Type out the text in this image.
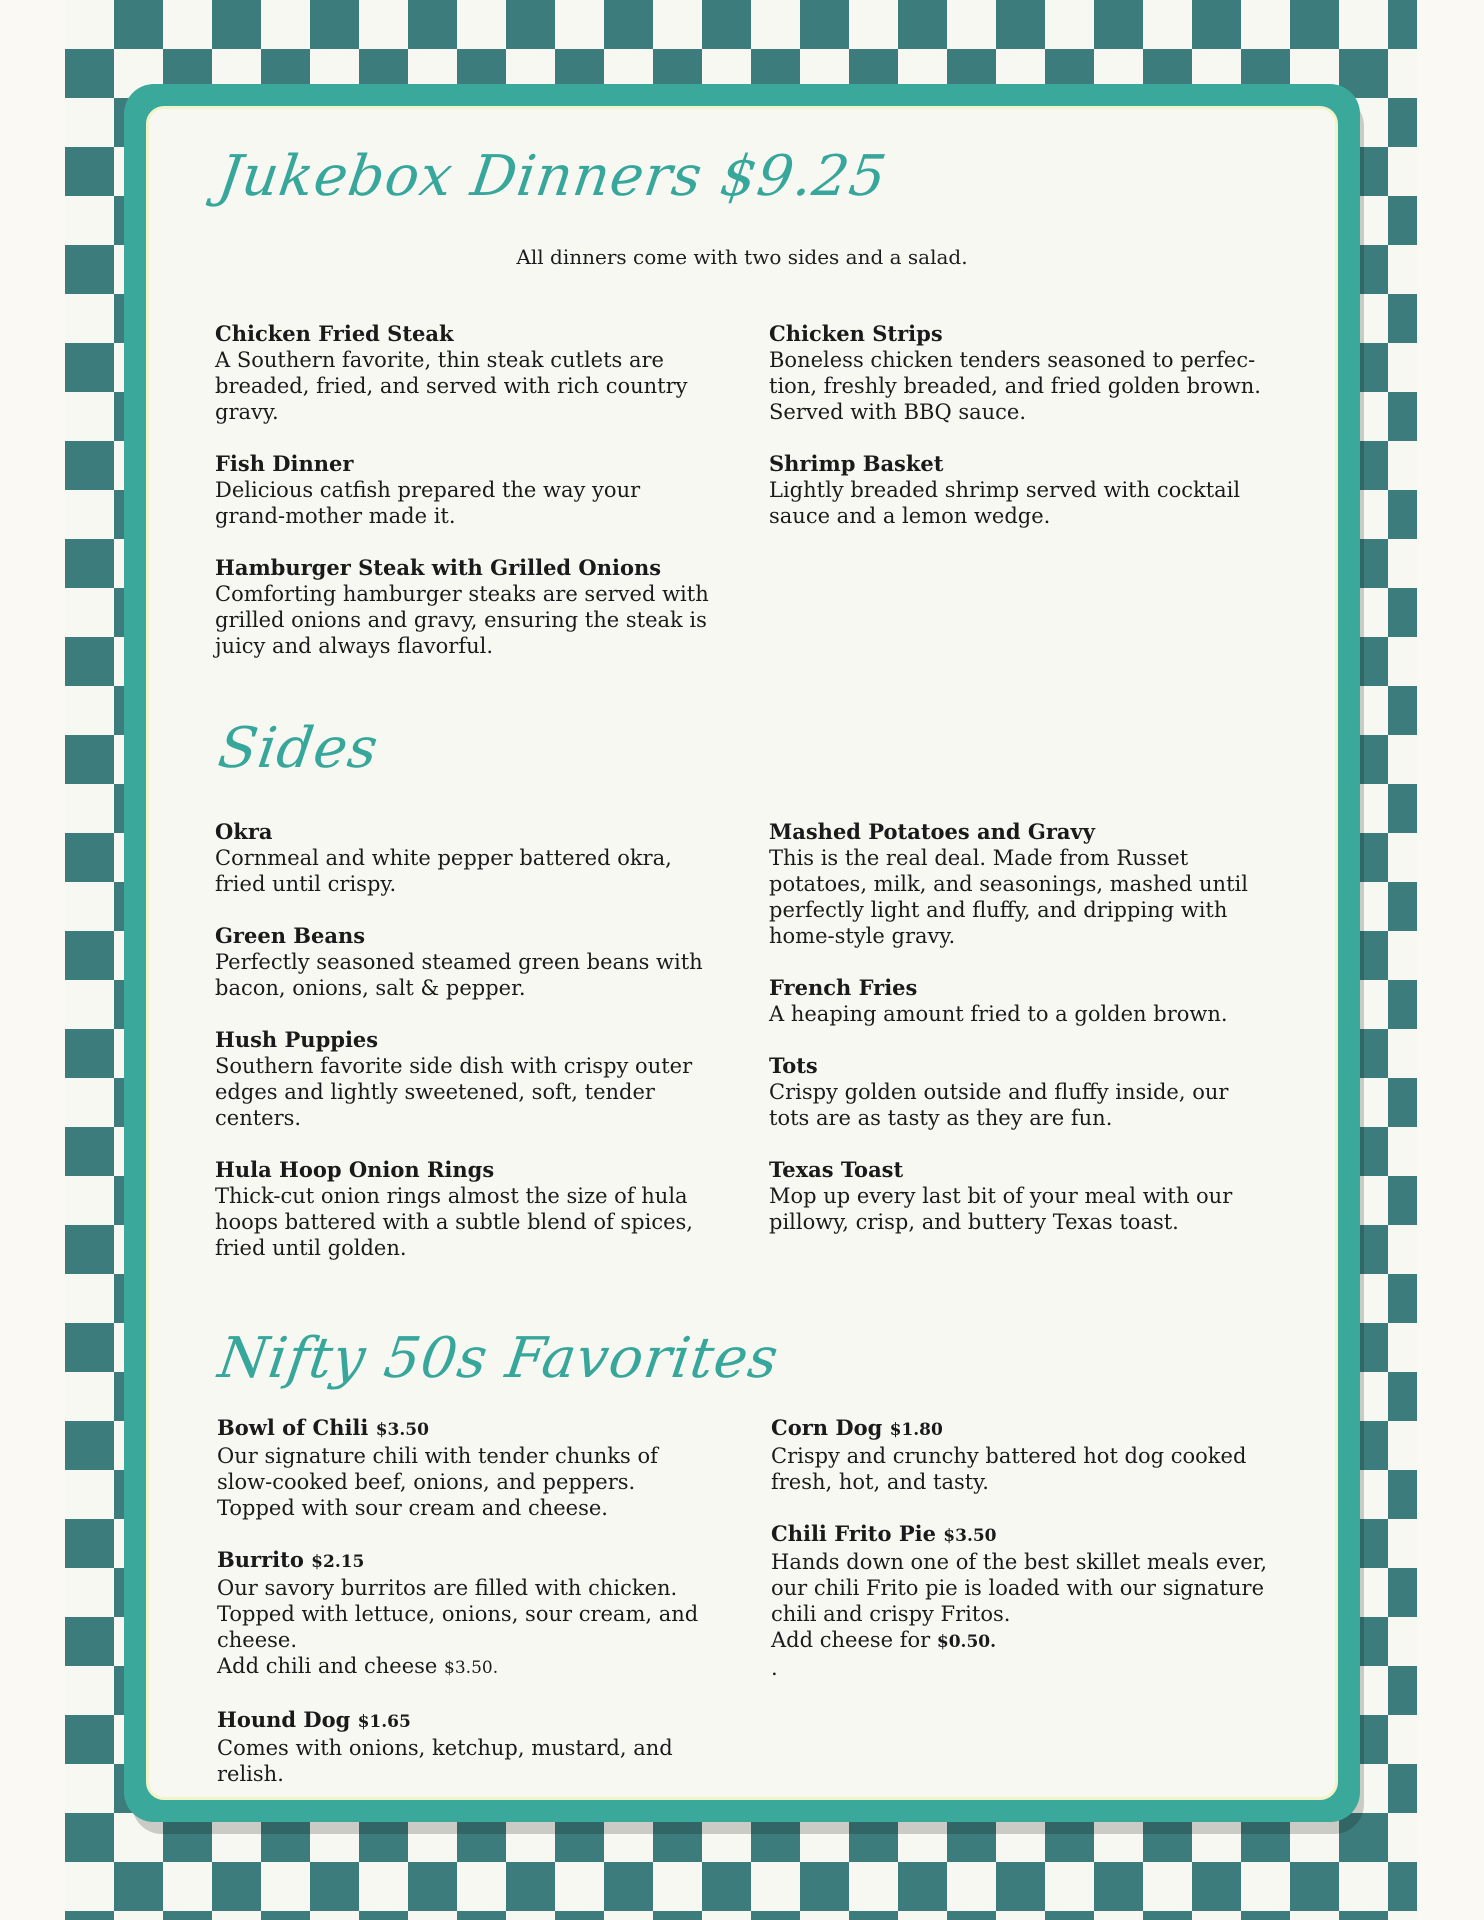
Jukebox Dinners $9.25

All dinners come with two sides and a salad.

Chicken Fried Steak
A Southern favorite, thin steak cutlets are breaded, fried, and served with rich country gravy.
Fish Dinner
Delicious catfish prepared the way your grand-mother made it.
Hamburger Steak with Grilled Onions
Comforting hamburger steaks are served with grilled onions and gravy, ensuring the steak is juicy and always flavorful.
Chicken Strips
Boneless chicken tenders seasoned to perfec-tion, freshly breaded, and fried golden brown. Served with BBQ sauce.
Shrimp Basket
Lightly breaded shrimp served with cocktail sauce and a lemon wedge.
Sides
Okra
Cornmeal and white pepper battered okra, fried until crispy.
Green Beans
Perfectly seasoned steamed green beans with bacon, onions, salt & pepper.
Hush Puppies
Southern favorite side dish with crispy outer edges and lightly sweetened, soft, tender centers.
Hula Hoop Onion Rings
Thick-cut onion rings almost the size of hula hoops battered with a subtle blend of spices, fried until golden.
Mashed Potatoes and Gravy
This is the real deal. Made from Russet potatoes, milk, and seasonings, mashed until perfectly light and fluffy, and dripping with home-style gravy.
French Fries
A heaping amount fried to a golden brown.
Tots
Crispy golden outside and fluffy inside, our tots are as tasty as they are fun.
Texas Toast
Mop up every last bit of your meal with our pillowy, crisp, and buttery Texas toast.
Nifty 50s Favorites
Bowl of Chili $3.50
Our signature chili with tender chunks of slow-cooked beef, onions, and peppers. Topped with sour cream and cheese.
Burrito $2.15
Our savory burritos are filled with chicken. Topped with lettuce, onions, sour cream, and cheese.
Add chili and cheese $3.50.
Hound Dog $1.65
Comes with onions, ketchup, mustard, and relish.
Corn Dog $1.80
Crispy and crunchy battered hot dog cooked fresh, hot, and tasty.
Chili Frito Pie $3.50
Hands down one of the best skillet meals ever, our chili Frito pie is loaded with our signature chili and crispy Fritos.
Add cheese for $0.50.
.
